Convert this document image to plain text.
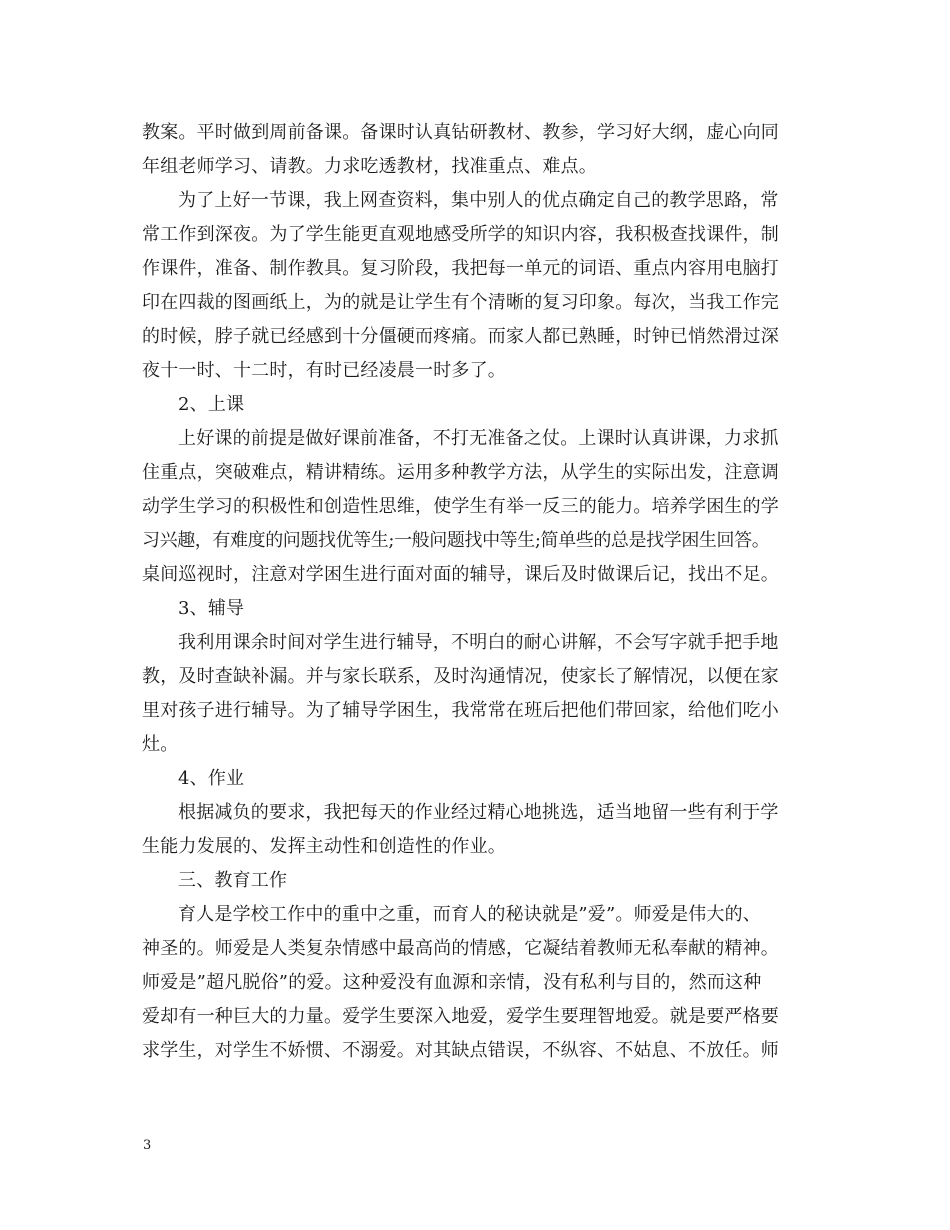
教案。平时做到周前备课。备课时认真钻研教材、教参，学习好大纲，虚心向同
年组老师学习、请教。力求吃透教材，找准重点、难点。
为了上好一节课，我上网查资料，集中别人的优点确定自己的教学思路，常
常工作到深夜。为了学生能更直观地感受所学的知识内容，我积极查找课件，制
作课件，准备、制作教具。复习阶段，我把每一单元的词语、重点内容用电脑打
印在四裁的图画纸上，为的就是让学生有个清晰的复习印象。每次，当我工作完
的时候，脖子就已经感到十分僵硬而疼痛。而家人都已熟睡，时钟已悄然滑过深
夜十一时、十二时，有时已经凌晨一时多了。
2、上课
上好课的前提是做好课前准备，不打无准备之仗。上课时认真讲课，力求抓
住重点，突破难点，精讲精练。运用多种教学方法，从学生的实际出发，注意调
动学生学习的积极性和创造性思维，使学生有举一反三的能力。培养学困生的学
习兴趣，有难度的问题找优等生;一般问题找中等生;简单些的总是找学困生回答。
桌间巡视时，注意对学困生进行面对面的辅导，课后及时做课后记，找出不足。
3、辅导
我利用课余时间对学生进行辅导，不明白的耐心讲解，不会写字就手把手地
教，及时查缺补漏。并与家长联系，及时沟通情况，使家长了解情况，以便在家
里对孩子进行辅导。为了辅导学困生，我常常在班后把他们带回家，给他们吃小
灶。
4、作业
根据减负的要求，我把每天的作业经过精心地挑选，适当地留一些有利于学
生能力发展的、发挥主动性和创造性的作业。
三、教育工作
育人是学校工作中的重中之重，而育人的秘诀就是”爱”。师爱是伟大的、
神圣的。师爱是人类复杂情感中最高尚的情感，它凝结着教师无私奉献的精神。
师爱是”超凡脱俗”的爱。这种爱没有血源和亲情，没有私利与目的，然而这种
爱却有一种巨大的力量。爱学生要深入地爱，爱学生要理智地爱。就是要严格要
求学生，对学生不娇惯、不溺爱。对其缺点错误，不纵容、不姑息、不放任。师
3
